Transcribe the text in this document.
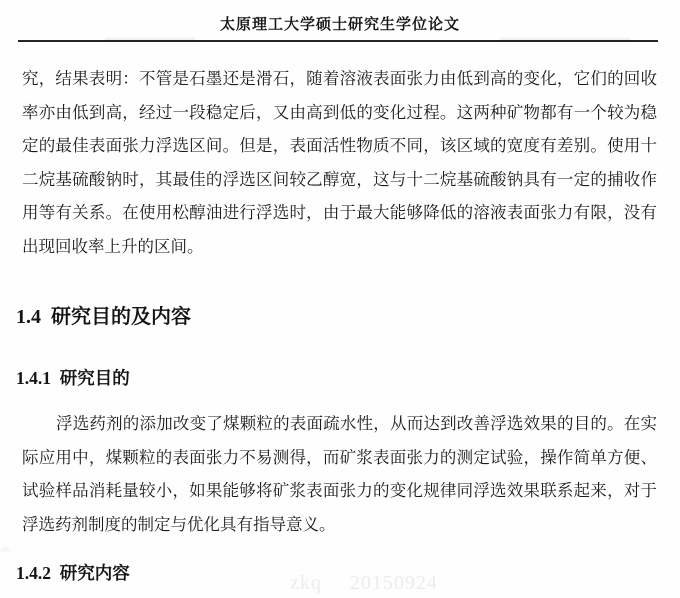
太原理工大学硕士研究生学位论文
究，结果表明：不管是石墨还是滑石，随着溶液表面张力由低到高的变化，它们的回收
率亦由低到高，经过一段稳定后，又由高到低的变化过程。这两种矿物都有一个较为稳
定的最佳表面张力浮选区间。但是，表面活性物质不同，该区域的宽度有差别。使用十
二烷基硫酸钠时，其最佳的浮选区间较乙醇宽，这与十二烷基硫酸钠具有一定的捕收作
用等有关系。在使用松醇油进行浮选时，由于最大能够降低的溶液表面张力有限，没有
出现回收率上升的区间。
1.4  研究目的及内容
1.4.1  研究目的
浮选药剂的添加改变了煤颗粒的表面疏水性，从而达到改善浮选效果的目的。在实
际应用中，煤颗粒的表面张力不易测得，而矿浆表面张力的测定试验，操作简单方便、
试验样品消耗量较小，如果能够将矿浆表面张力的变化规律同浮选效果联系起来，对于
浮选药剂制度的制定与优化具有指导意义。

zkq 20150924

1.4.2  研究内容
